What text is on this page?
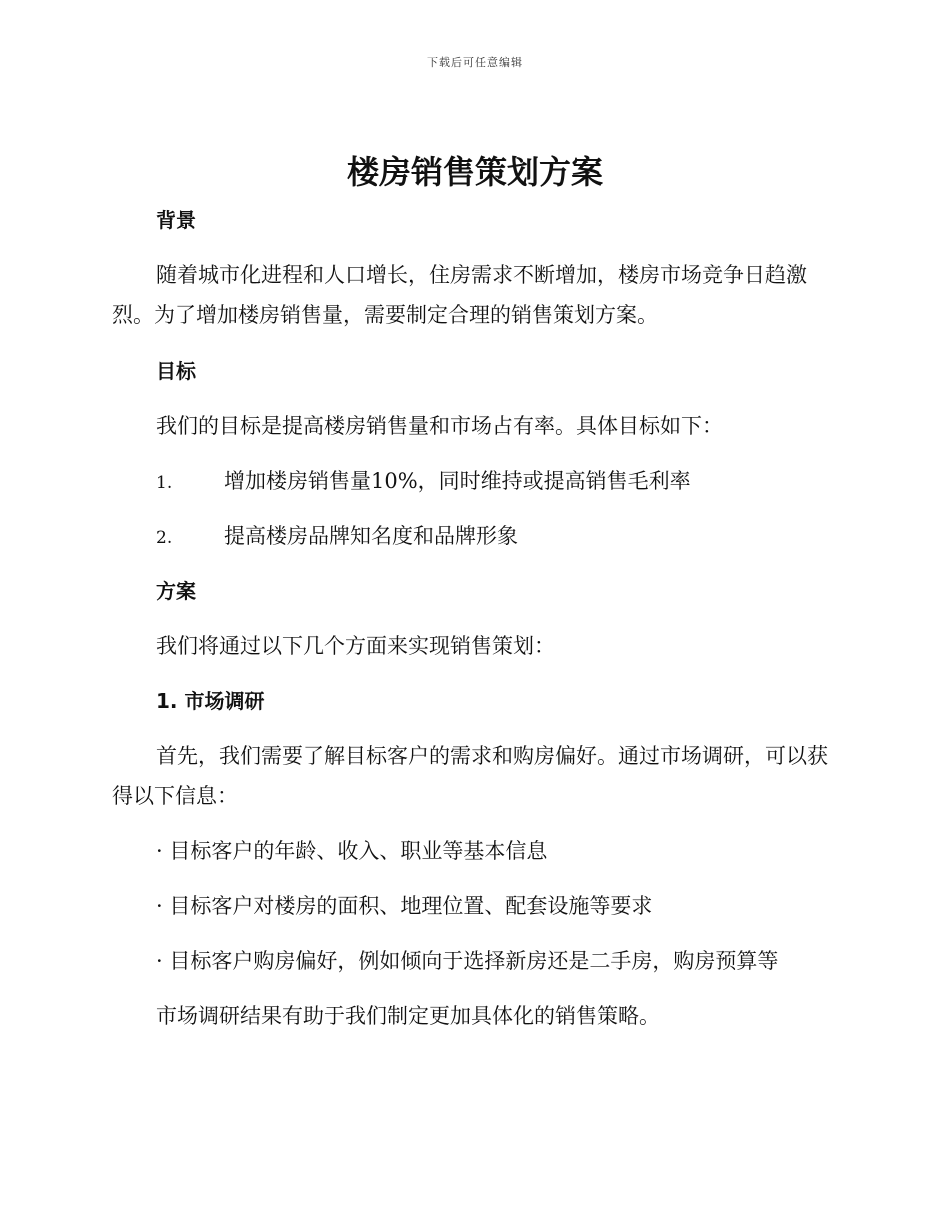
下载后可任意编辑
楼房销售策划方案
背景

随着城市化进程和人口增长，住房需求不断增加，楼房市场竞争日趋激烈。为了增加楼房销售量，需要制定合理的销售策划方案。

目标

我们的目标是提高楼房销售量和市场占有率。具体目标如下：

1. 增加楼房销售量10%，同时维持或提高销售毛利率
2. 提高楼房品牌知名度和品牌形象
方案

我们将通过以下几个方面来实现销售策划：

1. 市场调研

首先，我们需要了解目标客户的需求和购房偏好。通过市场调研，可以获得以下信息：

· 目标客户的年龄、收入、职业等基本信息

· 目标客户对楼房的面积、地理位置、配套设施等要求

· 目标客户购房偏好，例如倾向于选择新房还是二手房，购房预算等

市场调研结果有助于我们制定更加具体化的销售策略。
